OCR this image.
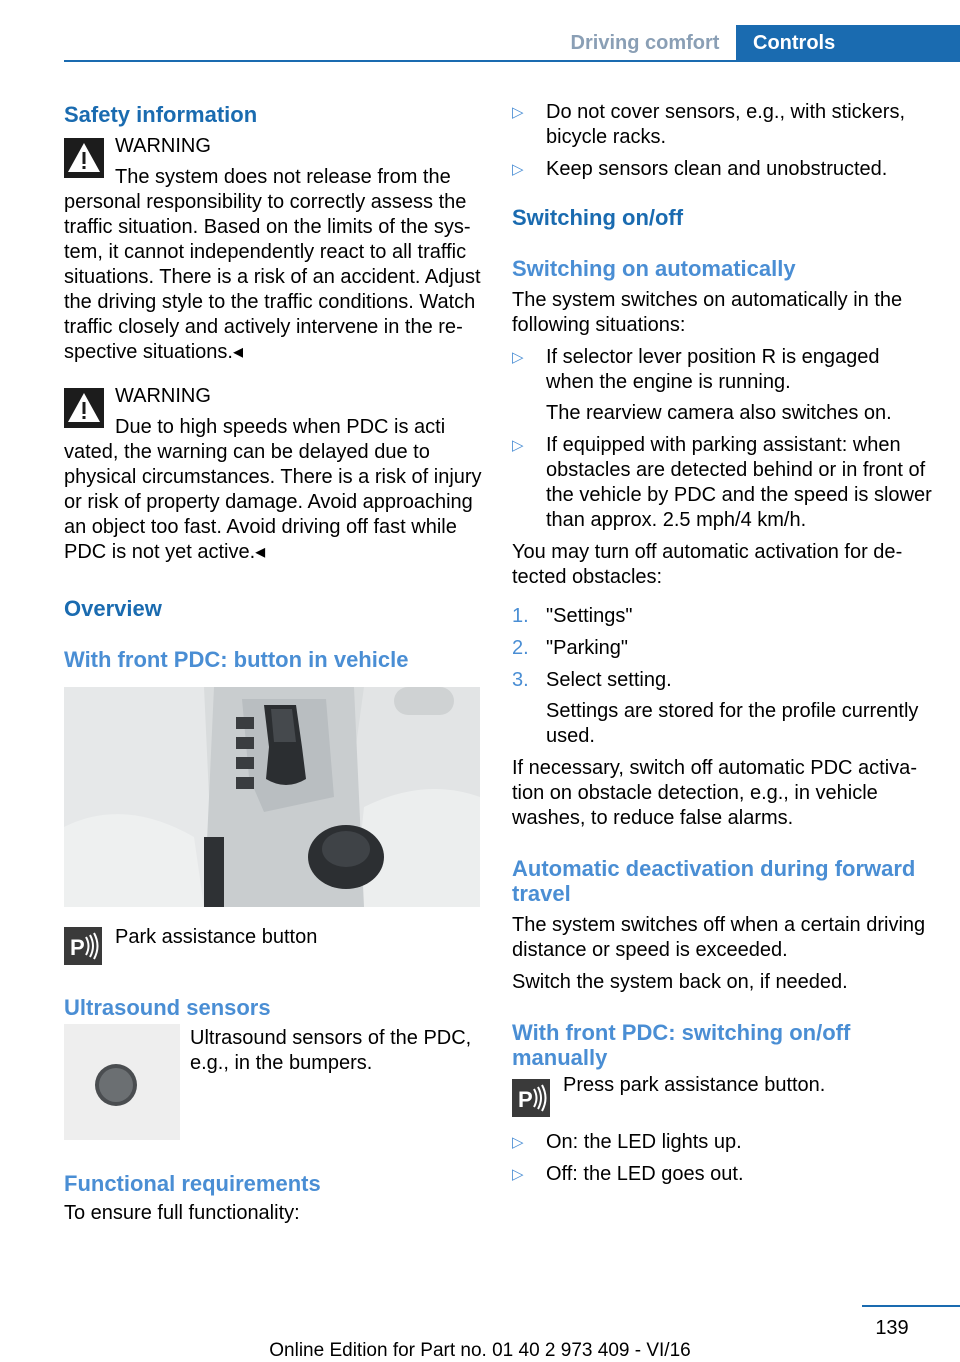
Driving comfort	Controls
Safety information

WARNING

The system does not release from the

personal responsibility to correctly assess the traffic situation. Based on the limits of the system, it cannot independently react to all traffic situations. There is a risk of an accident. Adjust the driving style to the traffic conditions. Watch traffic closely and actively intervene in the respective situations.◂

WARNING

Due to high speeds when PDC is acti

vated, the warning can be delayed due to physical circumstances. There is a risk of injury or risk of property damage. Avoid approaching an object too fast. Avoid driving off fast while PDC is not yet active.◂

Overview
With front PDC: button in vehicle
P Park assistance button

Ultrasound sensors

Ultrasound sensors of the PDC, e.g., in the bumpers.

Functional requirements

To ensure full functionality:

▷ Do not cover sensors, e.g., with stickers, bicycle racks.
▷ Keep sensors clean and unobstructed.
Switching on/off
Switching on automatically

The system switches on automatically in the following situations:

▷ If selector lever position R is engaged when the engine is running.

The rearview camera also switches on.

▷ If equipped with parking assistant: when obstacles are detected behind or in front of the vehicle by PDC and the speed is slower than approx. 2.5 mph/4 km/h.

You may turn off automatic activation for detected obstacles:

1. "Settings"
2. "Parking"
3. Select setting.

Settings are stored for the profile currently used.

If necessary, switch off automatic PDC activation on obstacle detection, e.g., in vehicle washes, to reduce false alarms.

Automatic deactivation during forward travel

The system switches off when a certain driving distance or speed is exceeded.

Switch the system back on, if needed.

With front PDC: switching on/off manually
P

Press park assistance button.

▷ On: the LED lights up.
▷ Off: the LED goes out.
139
Online Edition for Part no. 01 40 2 973 409 - VI/16
